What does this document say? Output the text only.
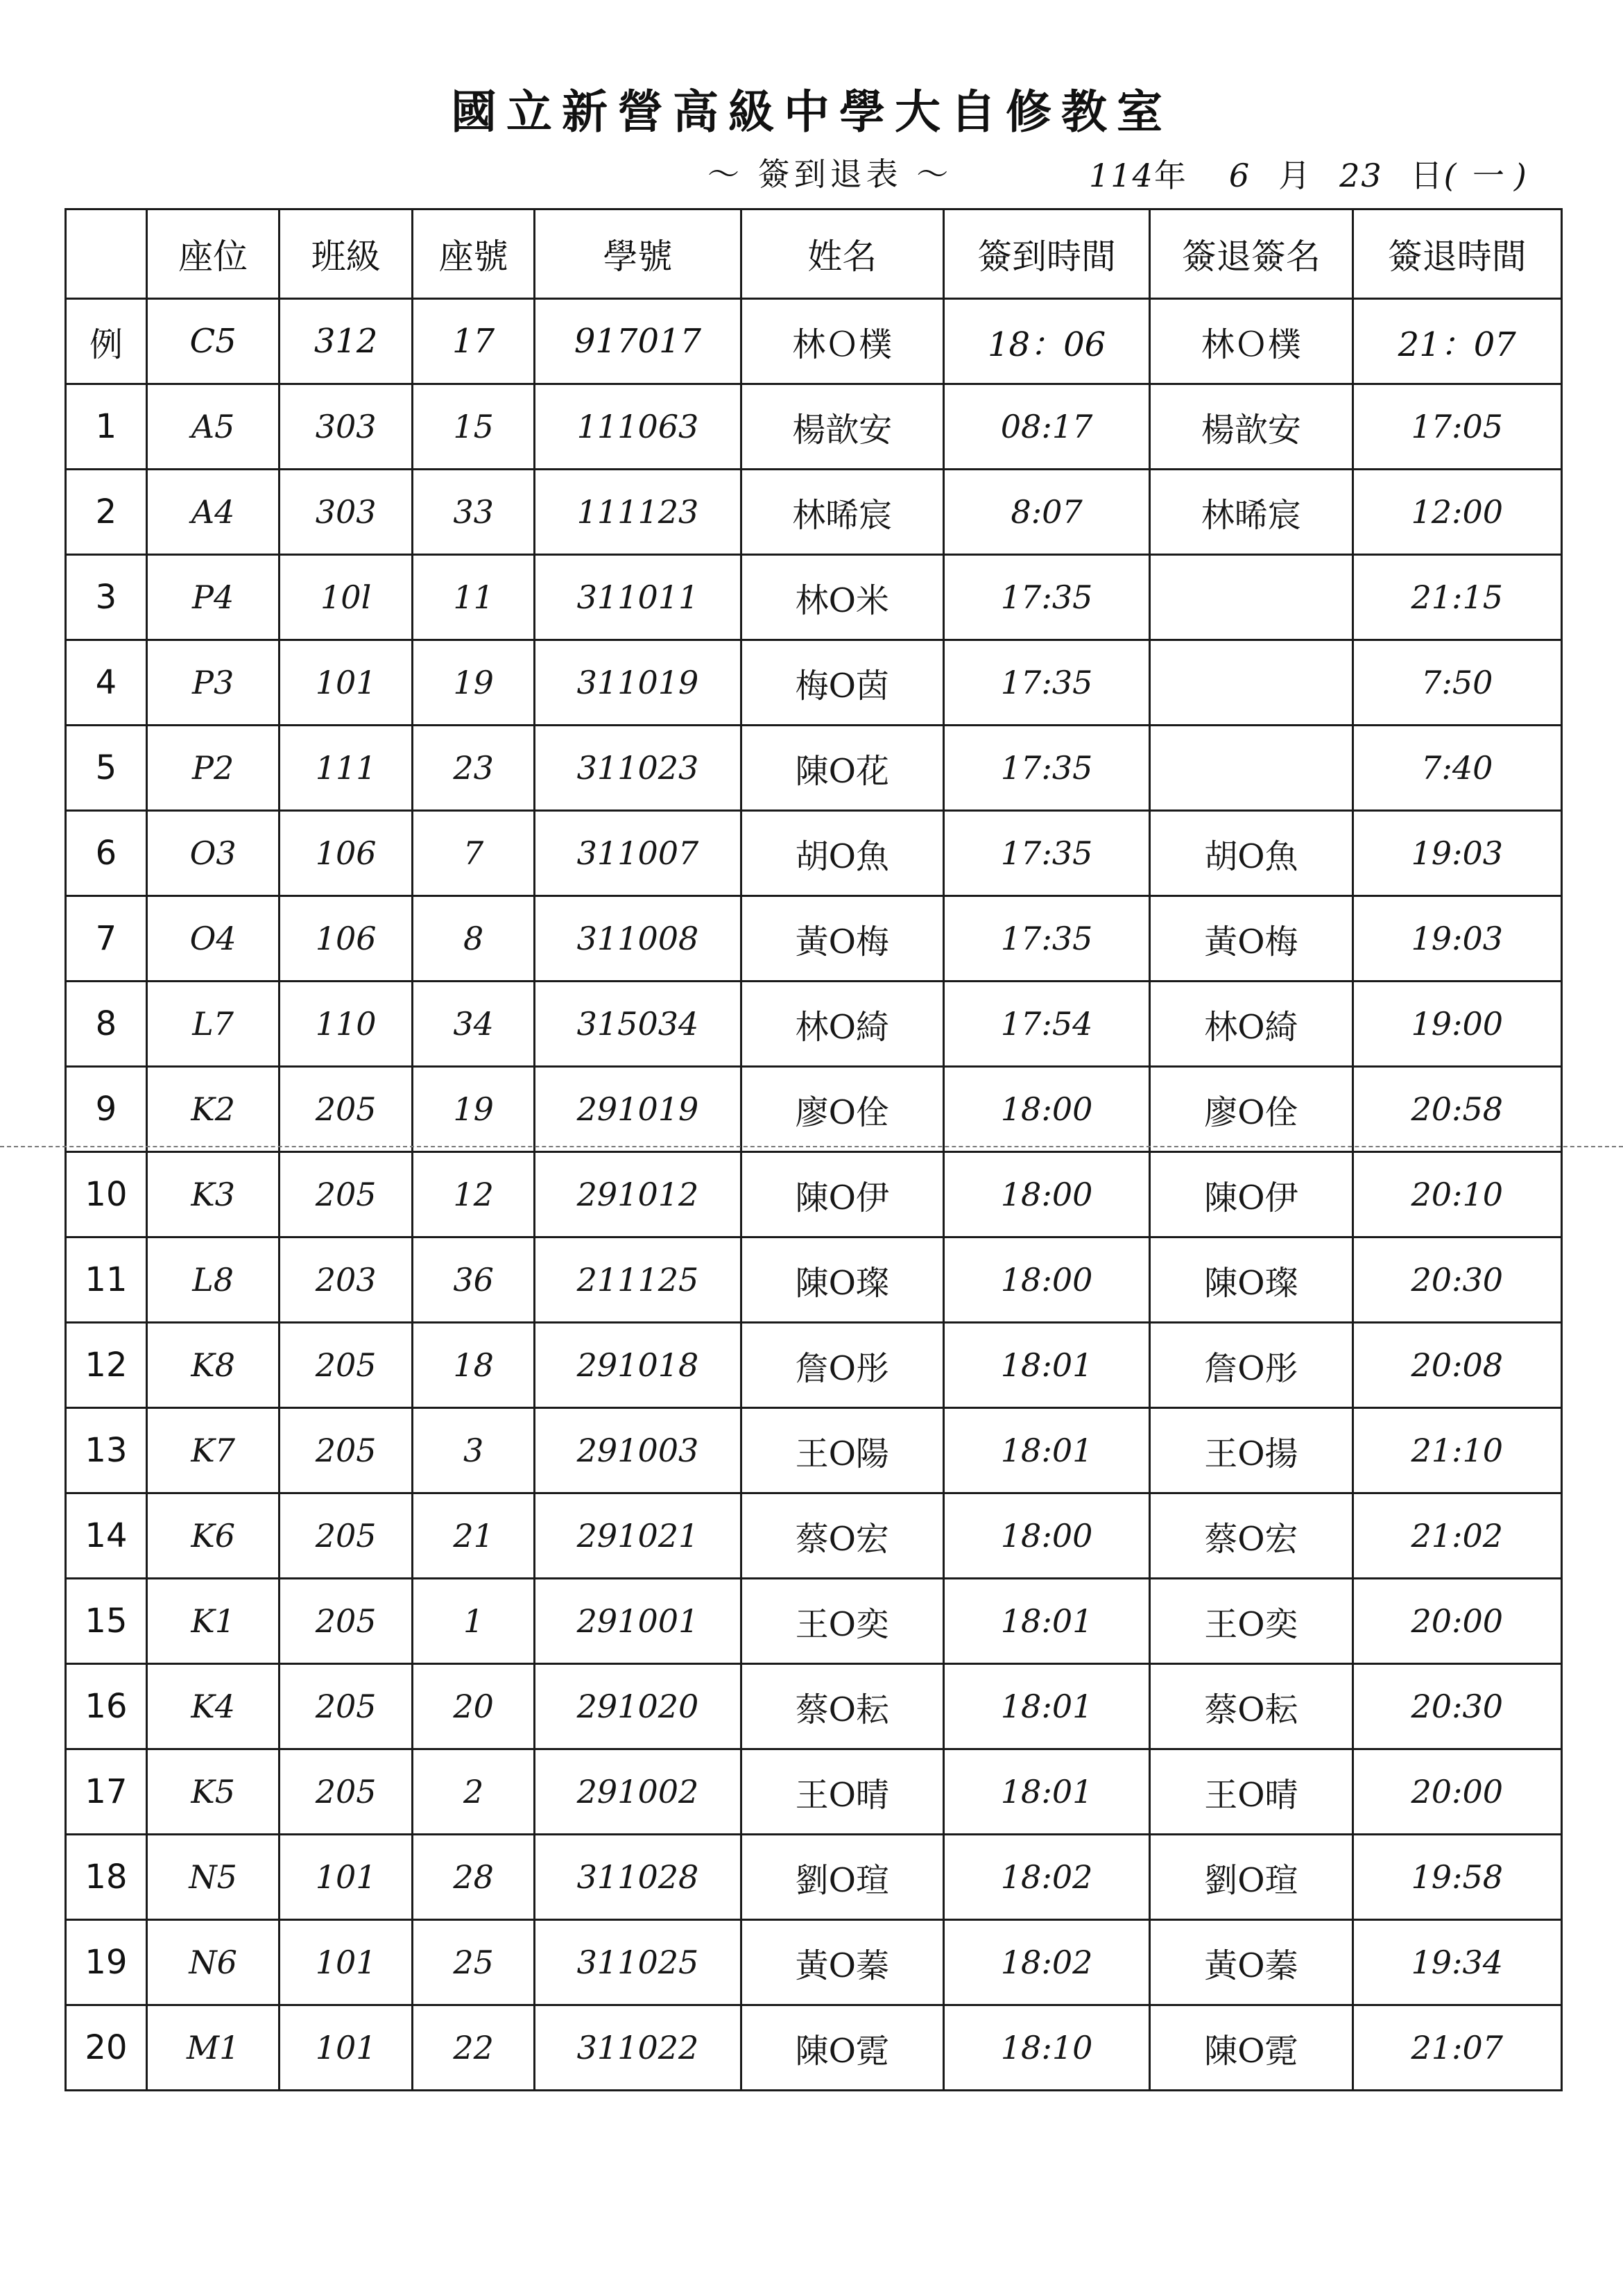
國立新營高級中學大自修教室
～ 簽到退表 ～	114年 6 月 23 日( 一 )
	座位	班級	座號	學號	姓名	簽到時間	簽退簽名	簽退時間
例	C5	312	17	917017	林Ｏ樸	18：06	林Ｏ樸	21：07
1	A5	303	15	111063	楊歆安	08:17	楊歆安	17:05
2	A4	303	33	111123	林晞宸	8:07	林晞宸	12:00
3	P4	10l	11	311011	林O米	17:35		21:15
4	P3	101	19	311019	梅O茵	17:35		7:50
5	P2	111	23	311023	陳O花	17:35		7:40
6	O3	106	7	311007	胡O魚	17:35	胡O魚	19:03
7	O4	106	8	311008	黃O梅	17:35	黃O梅	19:03
8	L7	110	34	315034	林O綺	17:54	林O綺	19:00
9	K2	205	19	291019	廖O佺	18:00	廖O佺	20:58
10	K3	205	12	291012	陳O伊	18:00	陳O伊	20:10
11	L8	203	36	211125	陳O璨	18:00	陳O璨	20:30
12	K8	205	18	291018	詹O彤	18:01	詹O彤	20:08
13	K7	205	3	291003	王O陽	18:01	王O揚	21:10
14	K6	205	21	291021	蔡O宏	18:00	蔡O宏	21:02
15	K1	205	1	291001	王O奕	18:01	王O奕	20:00
16	K4	205	20	291020	蔡O耘	18:01	蔡O耘	20:30
17	K5	205	2	291002	王O晴	18:01	王O晴	20:00
18	N5	101	28	311028	劉O瑄	18:02	劉O瑄	19:58
19	N6	101	25	311025	黃O蓁	18:02	黃O蓁	19:34
20	M1	101	22	311022	陳O霓	18:10	陳O霓	21:07
